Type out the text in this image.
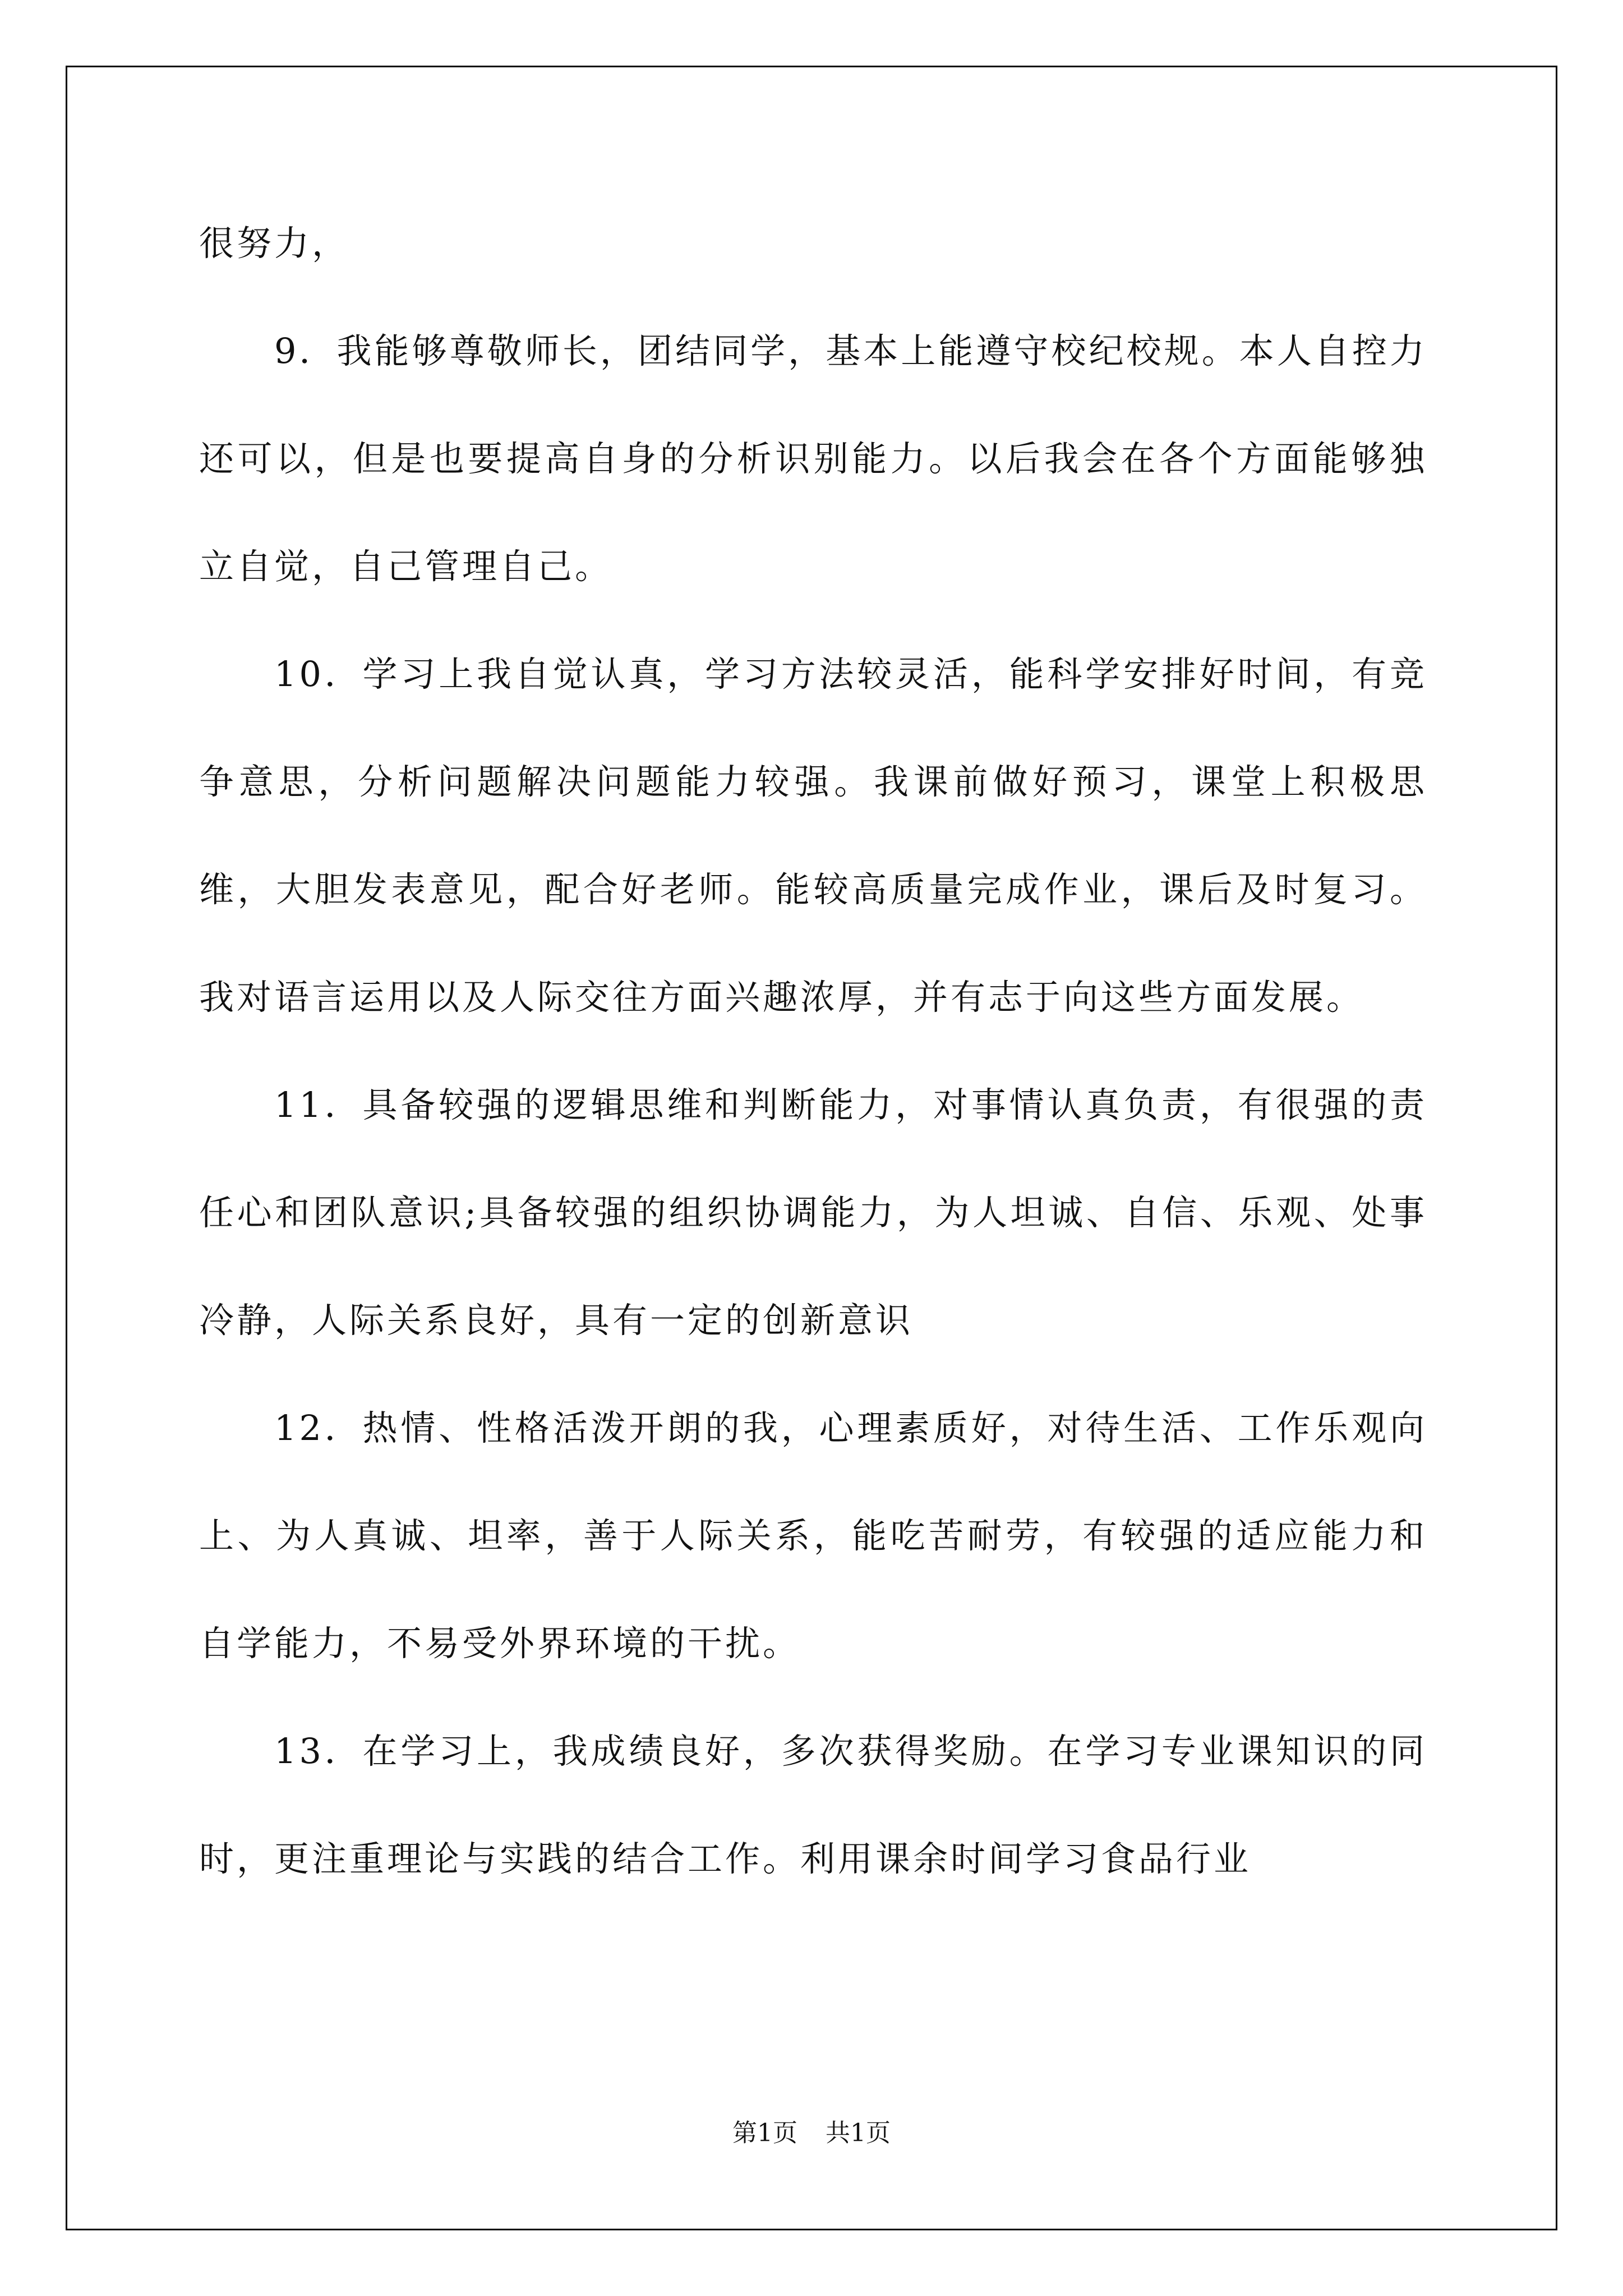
很努力，

9．我能够尊敬师长，团结同学，基本上能遵守校纪校规。本人自控力还可以，但是也要提高自身的分析识别能力。以后我会在各个方面能够独立自觉，自己管理自己。

10．学习上我自觉认真，学习方法较灵活，能科学安排好时间，有竞争意思，分析问题解决问题能力较强。我课前做好预习，课堂上积极思维，大胆发表意见，配合好老师。能较高质量完成作业，课后及时复习。我对语言运用以及人际交往方面兴趣浓厚，并有志于向这些方面发展。

11．具备较强的逻辑思维和判断能力，对事情认真负责，有很强的责任心和团队意识;具备较强的组织协调能力，为人坦诚、自信、乐观、处事冷静，人际关系良好，具有一定的创新意识

12．热情、性格活泼开朗的我，心理素质好，对待生活、工作乐观向上、为人真诚、坦率，善于人际关系，能吃苦耐劳，有较强的适应能力和自学能力，不易受外界环境的干扰。

13．在学习上，我成绩良好，多次获得奖励。在学习专业课知识的同时，更注重理论与实践的结合工作。利用课余时间学习食品行业

第1页 共1页
